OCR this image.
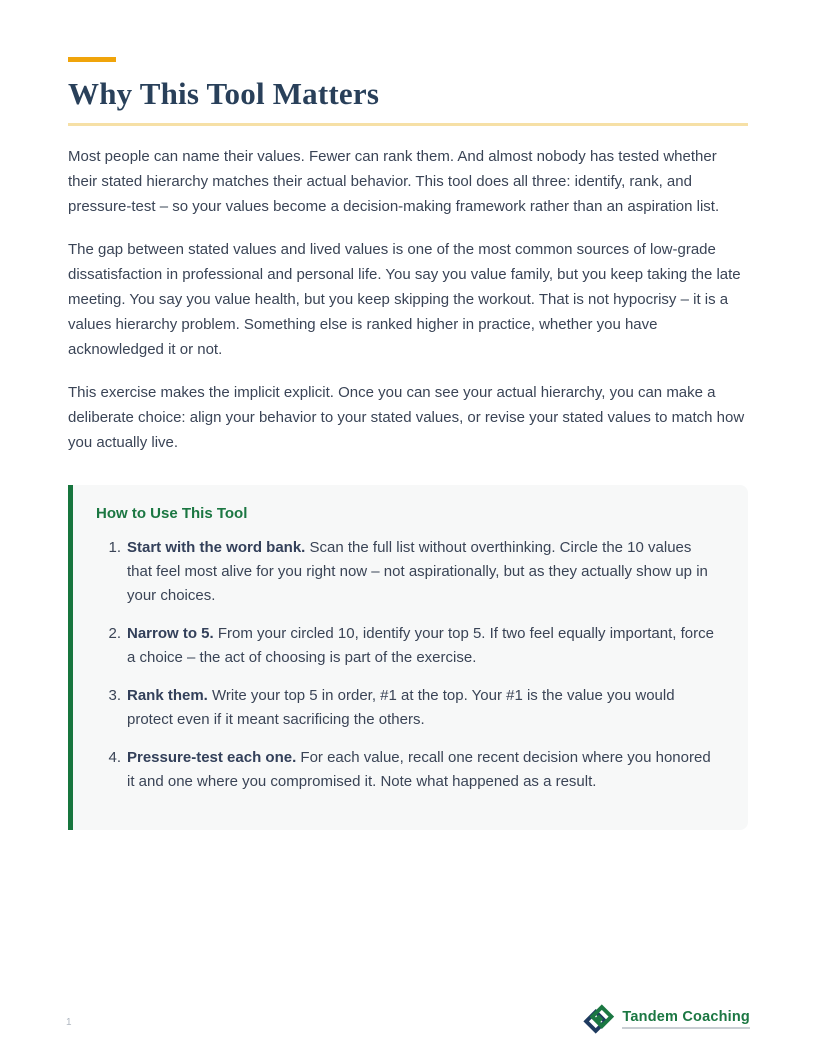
Why This Tool Matters

Most people can name their values. Fewer can rank them. And almost nobody has tested whether their stated hierarchy matches their actual behavior. This tool does all three: identify, rank, and pressure-test – so your values become a decision-making framework rather than an aspiration list.

The gap between stated values and lived values is one of the most common sources of low-grade dissatisfaction in professional and personal life. You say you value family, but you keep taking the late meeting. You say you value health, but you keep skipping the workout. That is not hypocrisy – it is a values hierarchy problem. Something else is ranked higher in practice, whether you have acknowledged it or not.

This exercise makes the implicit explicit. Once you can see your actual hierarchy, you can make a deliberate choice: align your behavior to your stated values, or revise your stated values to match how you actually live.

How to Use This Tool
1. Start with the word bank. Scan the full list without overthinking. Circle the 10 values that feel most alive for you right now – not aspirationally, but as they actually show up in your choices.
2. Narrow to 5. From your circled 10, identify your top 5. If two feel equally important, force a choice – the act of choosing is part of the exercise.
3. Rank them. Write your top 5 in order, #1 at the top. Your #1 is the value you would protect even if it meant sacrificing the others.
4. Pressure-test each one. For each value, recall one recent decision where you honored it and one where you compromised it. Note what happened as a result.
1	Tandem Coaching
